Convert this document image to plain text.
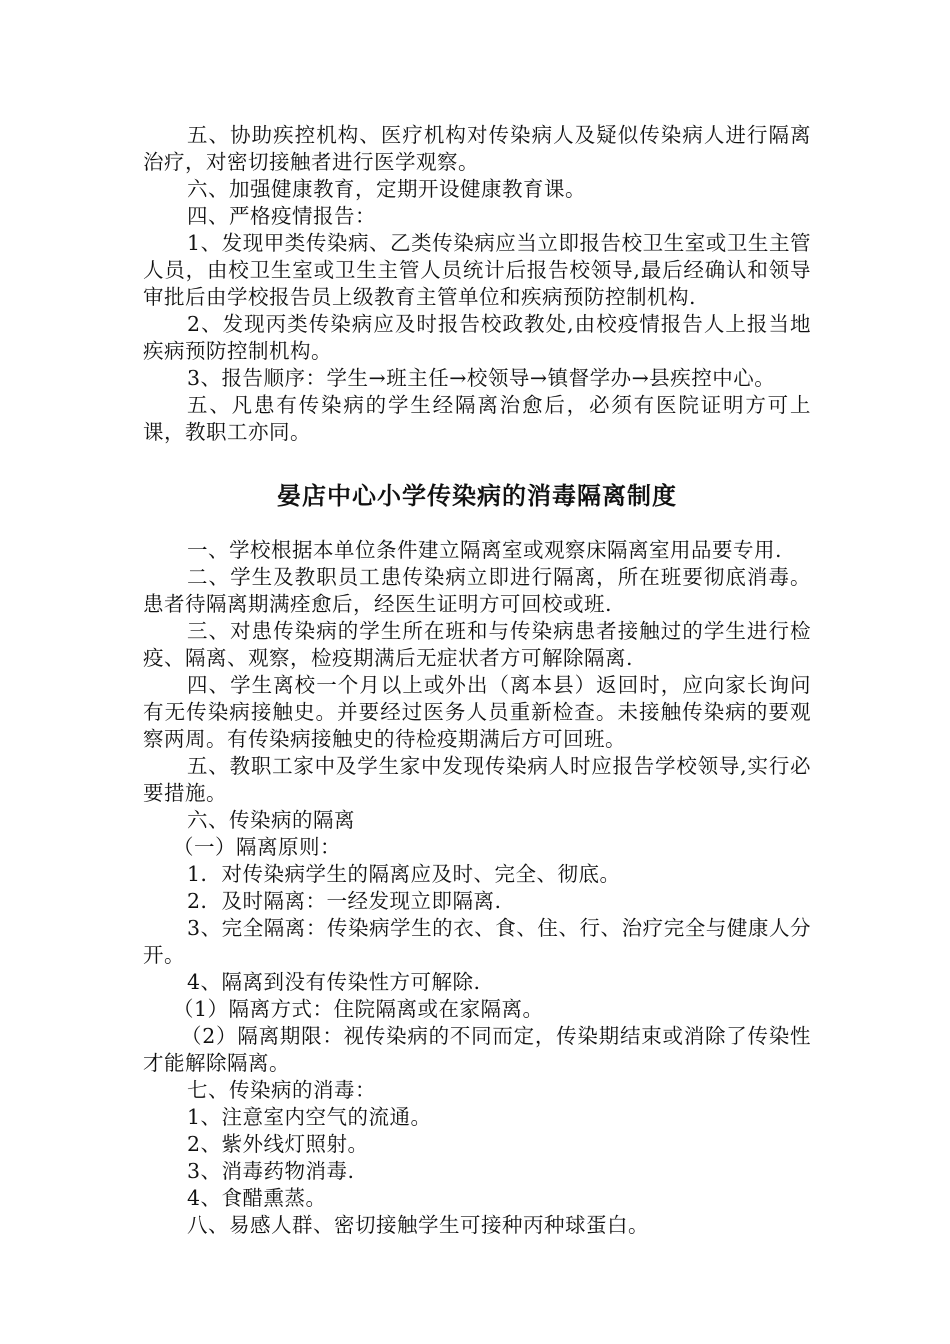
五、协助疾控机构、医疗机构对传染病人及疑似传染病人进行隔离治疗，对密切接触者进行医学观察。

六、加强健康教育，定期开设健康教育课。

四、严格疫情报告：

1、发现甲类传染病、乙类传染病应当立即报告校卫生室或卫生主管人员，由校卫生室或卫生主管人员统计后报告校领导,最后经确认和领导审批后由学校报告员上级教育主管单位和疾病预防控制机构.

2、发现丙类传染病应及时报告校政教处,由校疫情报告人上报当地疾病预防控制机构。

3、报告顺序：学生→班主任→校领导→镇督学办→县疾控中心。

五、凡患有传染病的学生经隔离治愈后，必须有医院证明方可上课，教职工亦同。

晏店中心小学传染病的消毒隔离制度

一、学校根据本单位条件建立隔离室或观察床隔离室用品要专用.

二、学生及教职员工患传染病立即进行隔离，所在班要彻底消毒。患者待隔离期满痊愈后，经医生证明方可回校或班.

三、对患传染病的学生所在班和与传染病患者接触过的学生进行检疫、隔离、观察，检疫期满后无症状者方可解除隔离.

四、学生离校一个月以上或外出（离本县）返回时，应向家长询问有无传染病接触史。并要经过医务人员重新检查。未接触传染病的要观察两周。有传染病接触史的待检疫期满后方可回班。

五、教职工家中及学生家中发现传染病人时应报告学校领导,实行必要措施。

六、传染病的隔离

（一）隔离原则：

1．对传染病学生的隔离应及时、完全、彻底。

2．及时隔离：一经发现立即隔离.

3、完全隔离：传染病学生的衣、食、住、行、治疗完全与健康人分开。

4、隔离到没有传染性方可解除.

（1）隔离方式：住院隔离或在家隔离。

（2）隔离期限：视传染病的不同而定，传染期结束或消除了传染性才能解除隔离。

七、传染病的消毒：

1、注意室内空气的流通。

2、紫外线灯照射。

3、消毒药物消毒.

4、食醋熏蒸。

八、易感人群、密切接触学生可接种丙种球蛋白。
